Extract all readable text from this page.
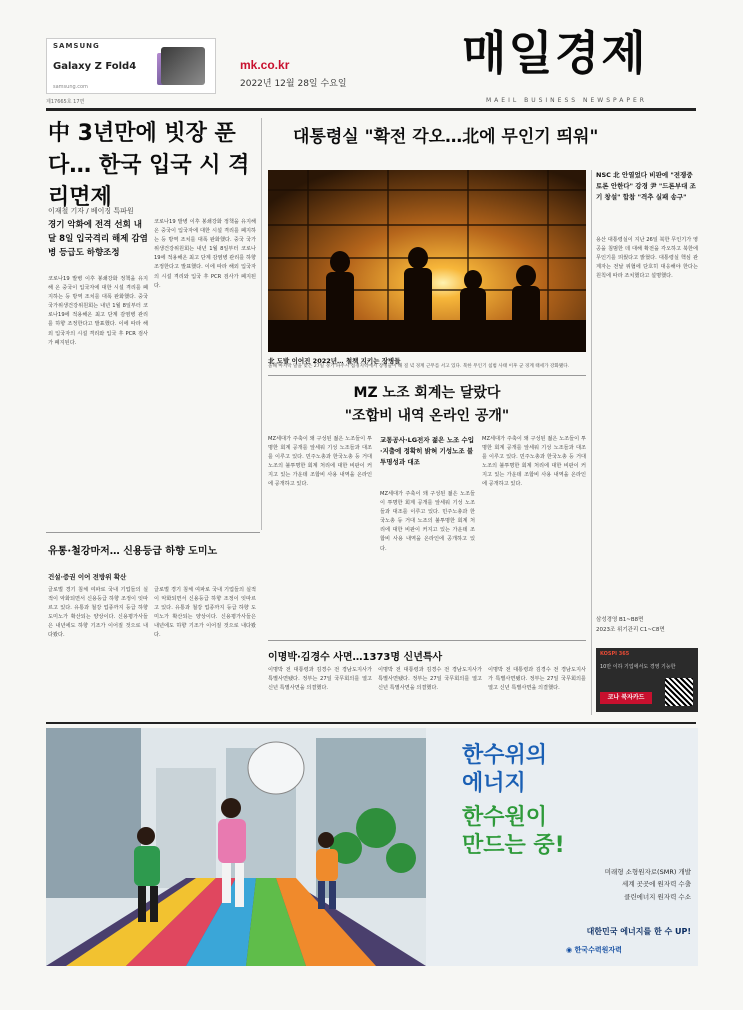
SAMSUNG
Galaxy Z Fold4
samsung.com
mk.co.kr
2022년 12월 28일 수요일
매일경제
MAEIL BUSINESS NEWSPAPER
제17665호 17면
中 3년만에 빗장 푼다… 한국 입국 시 격리면제
이재철 기자 / 베이징 특파원
경기 악화에 전격 선회 내달 8일 입국격리 해제 감염병 등급도 하향조정
코로나19 발병 이후 봉쇄강화 정책을 유지해 온 중국이 입국자에 대한 시설 격리를 폐지하는 등 방역 조치를 대폭 완화했다. 중국 국가위생건강위원회는 내년 1월 8일부터 코로나19에 적용해온 최고 단계 감염병 관리를 하향 조정한다고 발표했다. 이에 따라 해외 입국자의 시설 격리와 입국 후 PCR 검사가 폐지된다.
코로나19 발병 이후 봉쇄강화 정책을 유지해 온 중국이 입국자에 대한 시설 격리를 폐지하는 등 방역 조치를 대폭 완화했다. 중국 국가위생건강위원회는 내년 1월 8일부터 코로나19에 적용해온 최고 단계 감염병 관리를 하향 조정한다고 발표했다. 이에 따라 해외 입국자의 시설 격리와 입국 후 PCR 검사가 폐지된다.
대통령실 "확전 각오…北에 무인기 띄워"
北 도발 이어진 2022년… 철책 지키는 장병들
올해 마지막 달을 맞은 27일 경기 파주시 접경지역에서 장병들이 해 질 녘 경계 근무를 서고 있다. 북한 무인기 침범 사태 이후 군 경계 태세가 강화됐다.
NSC 北 안열었다 비판에 "전쟁중 토론 안한다" 강경 尹 "드론부대 조기 창설" 합참 "격추 실패 송구"
용산 대통령실이 지난 26일 북한 무인기가 영공을 침범한 데 대해 확전을 각오하고 북한에 무인기를 띄웠다고 밝혔다. 대통령실 핵심 관계자는 전날 위협에 단호히 대응해야 한다는 원칙에 따라 조치했다고 설명했다.
MZ 노조 회계는 달랐다
"조합비 내역 온라인 공개"
MZ세대가 주축이 돼 구성된 젊은 노조들이 투명한 회계 공개를 앞세워 기성 노조들과 대조를 이루고 있다. 민주노총과 한국노총 등 거대 노조의 불투명한 회계 처리에 대한 비판이 커지고 있는 가운데 조합비 사용 내역을 온라인에 공개하고 있다.
교통공사·LG전자 젊은 노조 수입·지출에 정확히 밝혀 기성노조 불투명성과 대조
MZ세대가 주축이 돼 구성된 젊은 노조들이 투명한 회계 공개를 앞세워 기성 노조들과 대조를 이루고 있다. 민주노총과 한국노총 등 거대 노조의 불투명한 회계 처리에 대한 비판이 커지고 있는 가운데 조합비 사용 내역을 온라인에 공개하고 있다.
MZ세대가 주축이 돼 구성된 젊은 노조들이 투명한 회계 공개를 앞세워 기성 노조들과 대조를 이루고 있다. 민주노총과 한국노총 등 거대 노조의 불투명한 회계 처리에 대한 비판이 커지고 있는 가운데 조합비 사용 내역을 온라인에 공개하고 있다.
삼성경영 B1~B8면
2023조 위기관리 C1~C8면
KOSPI 365
10만 이하 기업에서도 경영 기능한
코나 북자카드
유통·철강마저… 신용등급 하향 도미노
건설·증권 이어 전방위 확산
글로벌 경기 침체 여파로 국내 기업들의 실적이 악화되면서 신용등급 하향 조정이 잇따르고 있다. 유통과 철강 업종까지 등급 하향 도미노가 확산되는 양상이다. 신용평가사들은 내년에도 하향 기조가 이어질 것으로 내다봤다.
글로벌 경기 침체 여파로 국내 기업들의 실적이 악화되면서 신용등급 하향 조정이 잇따르고 있다. 유통과 철강 업종까지 등급 하향 도미노가 확산되는 양상이다. 신용평가사들은 내년에도 하향 기조가 이어질 것으로 내다봤다.
이명박·김경수 사면…1373명 신년특사
이명박 전 대통령과 김경수 전 경남도지사가 특별사면됐다. 정부는 27일 국무회의를 열고 신년 특별사면을 의결했다.
이명박 전 대통령과 김경수 전 경남도지사가 특별사면됐다. 정부는 27일 국무회의를 열고 신년 특별사면을 의결했다.
이명박 전 대통령과 김경수 전 경남도지사가 특별사면됐다. 정부는 27일 국무회의를 열고 신년 특별사면을 의결했다.
한수위의
에너지
한수원이
만드는 중!
미래형 소형원자로(SMR) 개발
세계 곳곳에 원자력 수출
클린에너지 원자력 수소
대한민국 에너지를 한 수 UP!
◉ 한국수력원자력
